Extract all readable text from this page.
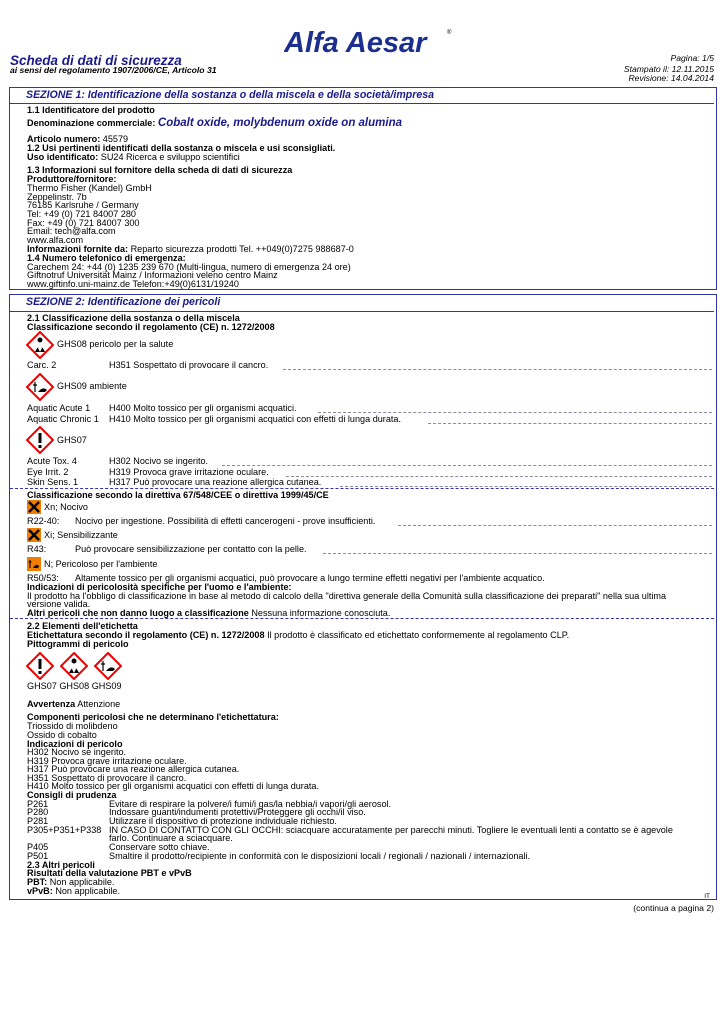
Alfa Aesar	®
Scheda di dati di sicurezza
ai sensi del regolamento 1907/2006/CE, Articolo 31
Pagina: 1/5
Stampato il: 12.11.2015
Revisione: 14.04.2014
SEZIONE 1: Identificazione della sostanza o della miscela e della società/impresa
1.1 Identificatore del prodotto
Denominazione commerciale: Cobalt oxide, molybdenum oxide on alumina
Articolo numero: 45579
1.2 Usi pertinenti identificati della sostanza o miscela e usi sconsigliati.
Uso identificato: SU24 Ricerca e sviluppo scientifici
1.3 Informazioni sul fornitore della scheda di dati di sicurezza
Produttore/fornitore:
Thermo Fisher (Kandel) GmbH
Zeppelinstr. 7b
76185 Karlsruhe / Germany
Tel: +49 (0) 721 84007 280
Fax: +49 (0) 721 84007 300
Email: tech@alfa.com
www.alfa.com
Informazioni fornite da: Reparto sicurezza prodotti Tel. ++049(0)7275 988687-0
1.4 Numero telefonico di emergenza:
Carechem 24: +44 (0) 1235 239 670 (Multi-lingua, numero di emergenza 24 ore)
Giftnotruf Universität Mainz / Informazioni veleno centro Mainz
www.giftinfo.uni-mainz.de Telefon:+49(0)6131/19240
SEZIONE 2: Identificazione dei pericoli
2.1 Classificazione della sostanza o della miscela
Classificazione secondo il regolamento (CE) n. 1272/2008
GHS08 pericolo per la salute
Carc. 2	H351 Sospettato di provocare il cancro.
GHS09 ambiente
Aquatic Acute 1 H400 Molto tossico per gli organismi acquatici.
Aquatic Chronic 1 H410 Molto tossico per gli organismi acquatici con effetti di lunga durata.
GHS07
Acute Tox. 4	H302 Nocivo se ingerito.
Eye Irrit. 2	H319 Provoca grave irritazione oculare.
Skin Sens. 1	H317 Può provocare una reazione allergica cutanea.
Classificazione secondo la direttiva 67/548/CEE o direttiva 1999/45/CE
Xn; Nocivo
R22-40: Nocivo per ingestione. Possibilità di effetti cancerogeni - prove insufficienti.
Xi; Sensibilizzante
R43:	Può provocare sensibilizzazione per contatto con la pelle.
N; Pericoloso per l'ambiente
R50/53: Altamente tossico per gli organismi acquatici, può provocare a lungo termine effetti negativi per l'ambiente acquatico.
Indicazioni di pericolosità specifiche per l'uomo e l'ambiente:
Il prodotto ha l'obbligo di classificazione in base al metodo di calcolo della "direttiva generale della Comunità sulla classificazione dei preparati" nella sua ultima
versione valida.
Altri pericoli che non danno luogo a classificazione Nessuna informazione conosciuta.
2.2 Elementi dell'etichetta
Etichettatura secondo il regolamento (CE) n. 1272/2008 Il prodotto è classificato ed etichettato conformemente al regolamento CLP.
Pittogrammi di pericolo
GHS07 GHS08 GHS09
Avvertenza Attenzione
Componenti pericolosi che ne determinano l'etichettatura:
Triossido di molibdeno
Ossido di cobalto
Indicazioni di pericolo
H302 Nocivo se ingerito.
H319 Provoca grave irritazione oculare.
H317 Può provocare una reazione allergica cutanea.
H351 Sospettato di provocare il cancro.
H410 Molto tossico per gli organismi acquatici con effetti di lunga durata.
Consigli di prudenza
P261	Evitare di respirare la polvere/i fumi/i gas/la nebbia/i vapori/gli aerosol.
P280	Indossare guanti/indumenti protettivi/Proteggere gli occhi/il viso.
P281	Utilizzare il dispositivo di protezione individuale richiesto.
P305+P351+P338 IN CASO DI CONTATTO CON GLI OCCHI: sciacquare accuratamente per parecchi minuti. Togliere le eventuali lenti a contatto se è agevole
farlo. Continuare a sciacquare.
P405	Conservare sotto chiave.
P501	Smaltire il prodotto/recipiente in conformità con le disposizioni locali / regionali / nazionali / internazionali.
2.3 Altri pericoli
Risultati della valutazione PBT e vPvB
PBT: Non applicabile.
vPvB: Non applicabile.
IT
(continua a pagina 2)
